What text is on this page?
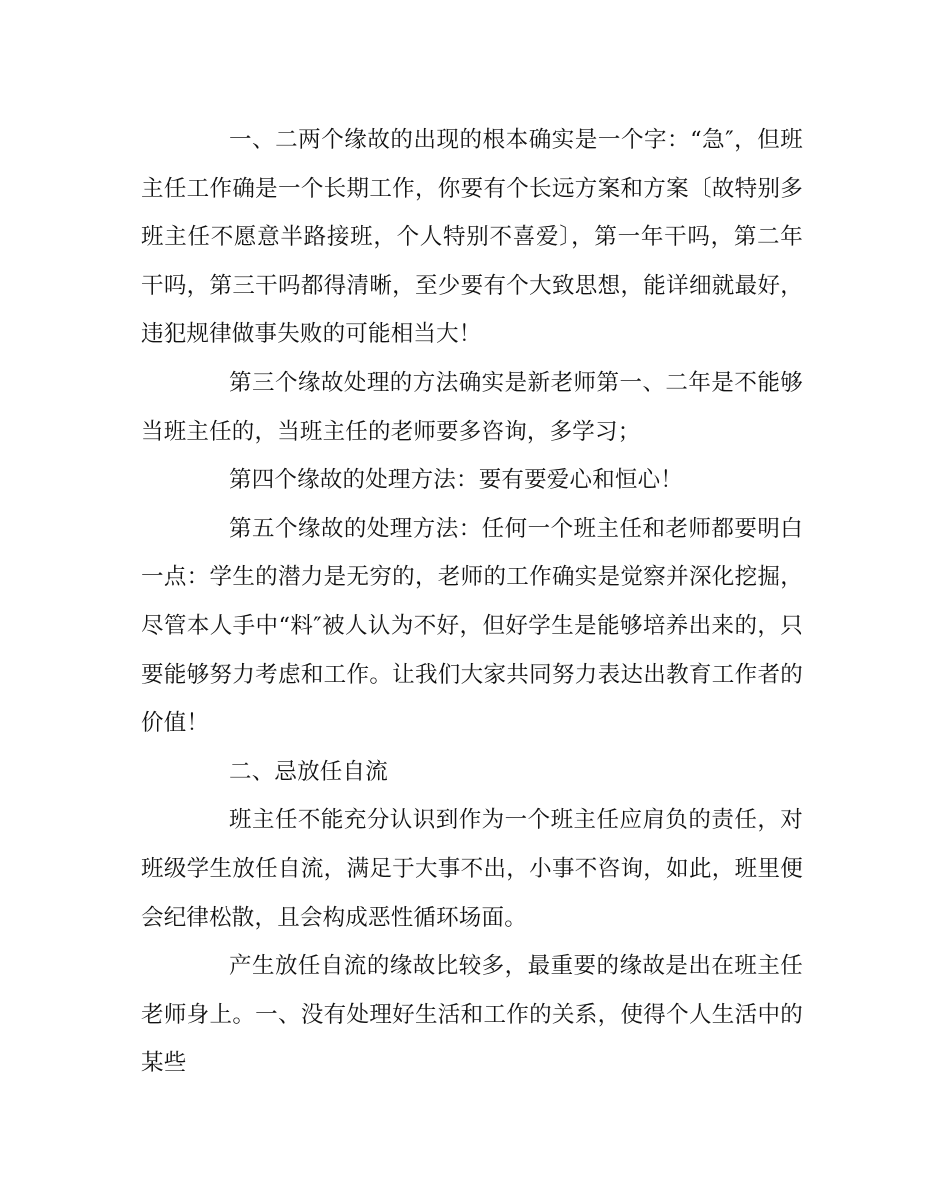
一、二两个缘故的出现的根本确实是一个字：“急″，但班主任工作确是一个长期工作，你要有个长远方案和方案〔故特别多班主任不愿意半路接班，个人特别不喜爱〕，第一年干吗，第二年干吗，第三干吗都得清晰，至少要有个大致思想，能详细就最好，违犯规律做事失败的可能相当大！

第三个缘故处理的方法确实是新老师第一、二年是不能够当班主任的，当班主任的老师要多咨询，多学习；

第四个缘故的处理方法：要有要爱心和恒心！

第五个缘故的处理方法：任何一个班主任和老师都要明白一点：学生的潜力是无穷的，老师的工作确实是觉察并深化挖掘，尽管本人手中“料″被人认为不好，但好学生是能够培养出来的，只要能够努力考虑和工作。让我们大家共同努力表达出教育工作者的价值！

二、忌放任自流

班主任不能充分认识到作为一个班主任应肩负的责任，对班级学生放任自流，满足于大事不出，小事不咨询，如此，班里便会纪律松散，且会构成恶性循环场面。

产生放任自流的缘故比较多，最重要的缘故是出在班主任老师身上。一、没有处理好生活和工作的关系，使得个人生活中的某些
